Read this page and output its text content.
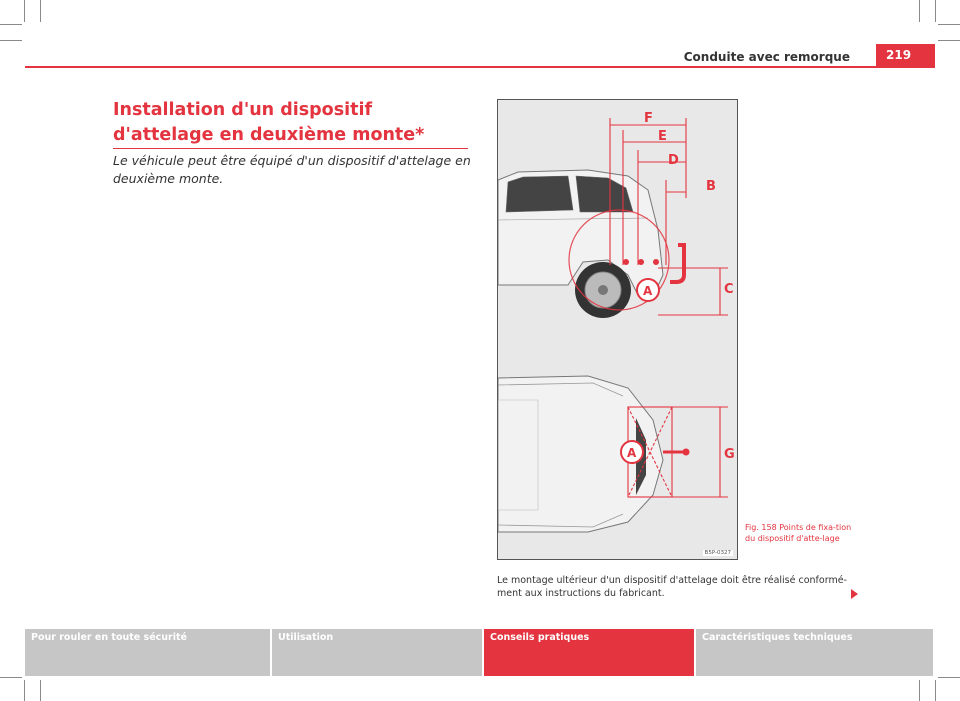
Conduite avec remorque	219
Installation d'un dispositif d'attelage en deuxième monte*
Le véhicule peut être équipé d'un dispositif d'attelage en deuxième monte.
F
E
D
B
C
A
A	G
B5P-0327
Fig. 158 Points de fixa-tion du dispositif d'atte-lage
Le montage ultérieur d'un dispositif d'attelage doit être réalisé conformé-ment aux instructions du fabricant.
Pour rouler en toute sécurité	Utilisation	Conseils pratiques	Caractéristiques techniques
